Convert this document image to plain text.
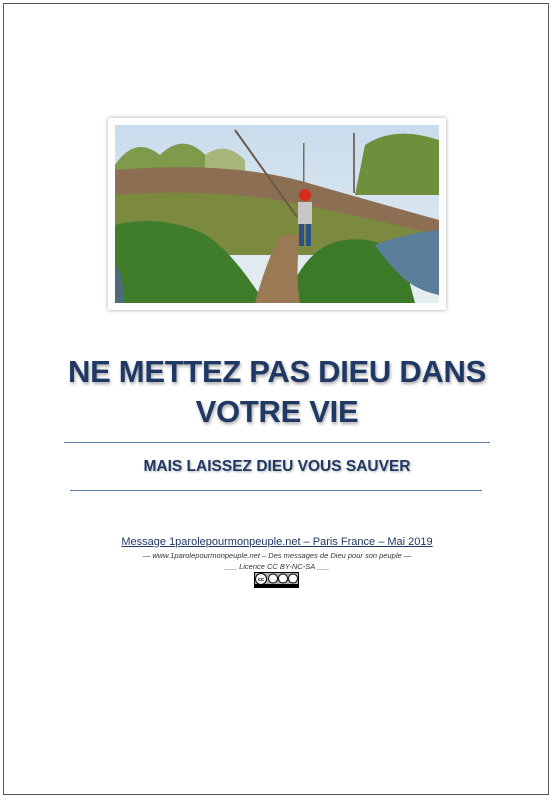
NE METTEZ PAS DIEU DANS VOTRE VIE
MAIS LAISSEZ DIEU VOUS SAUVER
Message 1parolepourmonpeuple.net – Paris France – Mai 2019
— www.1parolepourmonpeuple.net – Des messages de Dieu pour son peuple —
___ Licence CC BY-NC-SA ___
cc
